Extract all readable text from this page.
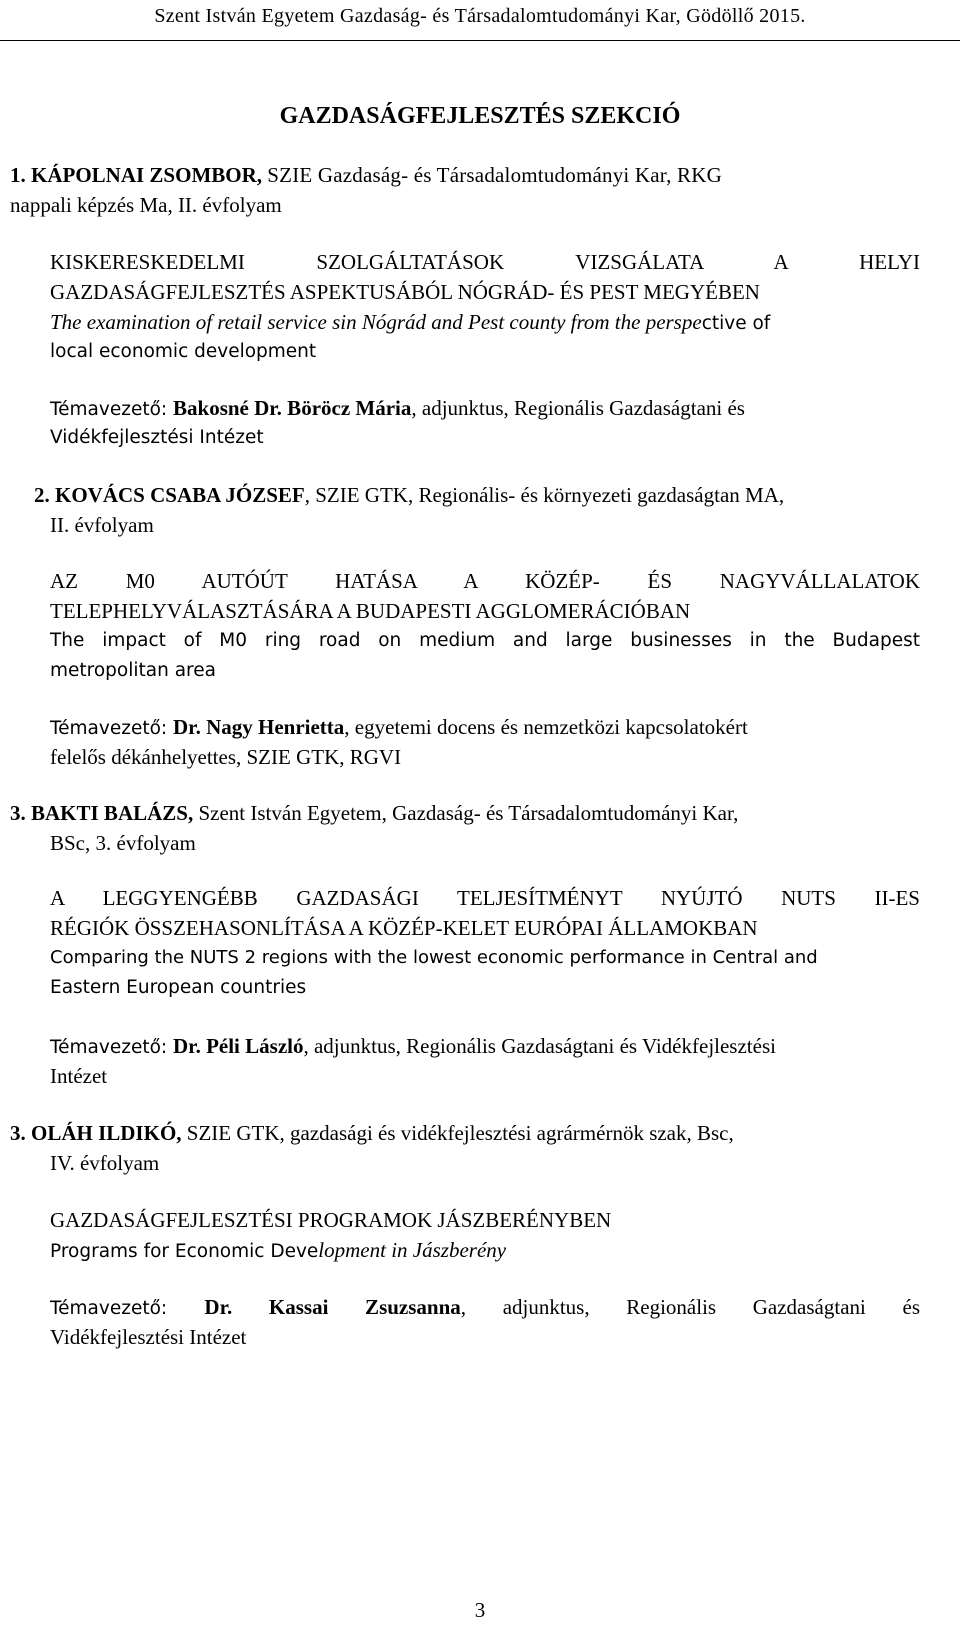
Szent István Egyetem Gazdaság- és Társadalomtudományi Kar, Gödöllő 2015.
GAZDASÁGFEJLESZTÉS SZEKCIÓ
1. KÁPOLNAI ZSOMBOR, SZIE Gazdaság- és Társadalomtudományi Kar, RKG
nappali képzés Ma, II. évfolyam
KISKERESKEDELMI SZOLGÁLTATÁSOK VIZSGÁLATA A HELYI
GAZDASÁGFEJLESZTÉS ASPEKTUSÁBÓL NÓGRÁD- ÉS PEST MEGYÉBEN
The examination of retail service sin Nógrád and Pest county from the perspective of
local economic development
Témavezető: Bakosné Dr. Böröcz Mária, adjunktus, Regionális Gazdaságtani és
Vidékfejlesztési Intézet
2. KOVÁCS CSABA JÓZSEF, SZIE GTK, Regionális- és környezeti gazdaságtan MA,
II. évfolyam
AZ M0 AUTÓÚT HATÁSA A KÖZÉP- ÉS NAGYVÁLLALATOK
TELEPHELYVÁLASZTÁSÁRA A BUDAPESTI AGGLOMERÁCIÓBAN
The impact of M0 ring road on medium and large businesses in the Budapest
metropolitan area
Témavezető: Dr. Nagy Henrietta, egyetemi docens és nemzetközi kapcsolatokért
felelős dékánhelyettes, SZIE GTK, RGVI
3. BAKTI BALÁZS, Szent István Egyetem, Gazdaság- és Társadalomtudományi Kar,
BSc, 3. évfolyam
A LEGGYENGÉBB GAZDASÁGI TELJESÍTMÉNYT NYÚJTÓ NUTS II-ES
RÉGIÓK ÖSSZEHASONLÍTÁSA A KÖZÉP-KELET EURÓPAI ÁLLAMOKBAN
Comparing the NUTS 2 regions with the lowest economic performance in Central and
Eastern European countries
Témavezető: Dr. Péli László, adjunktus, Regionális Gazdaságtani és Vidékfejlesztési
Intézet
3. OLÁH ILDIKÓ, SZIE GTK, gazdasági és vidékfejlesztési agrármérnök szak, Bsc,
IV. évfolyam
GAZDASÁGFEJLESZTÉSI PROGRAMOK JÁSZBERÉNYBEN
Programs for Economic Development in Jászberény
Témavezető: Dr. Kassai Zsuzsanna, adjunktus, Regionális Gazdaságtani és
Vidékfejlesztési Intézet
3
